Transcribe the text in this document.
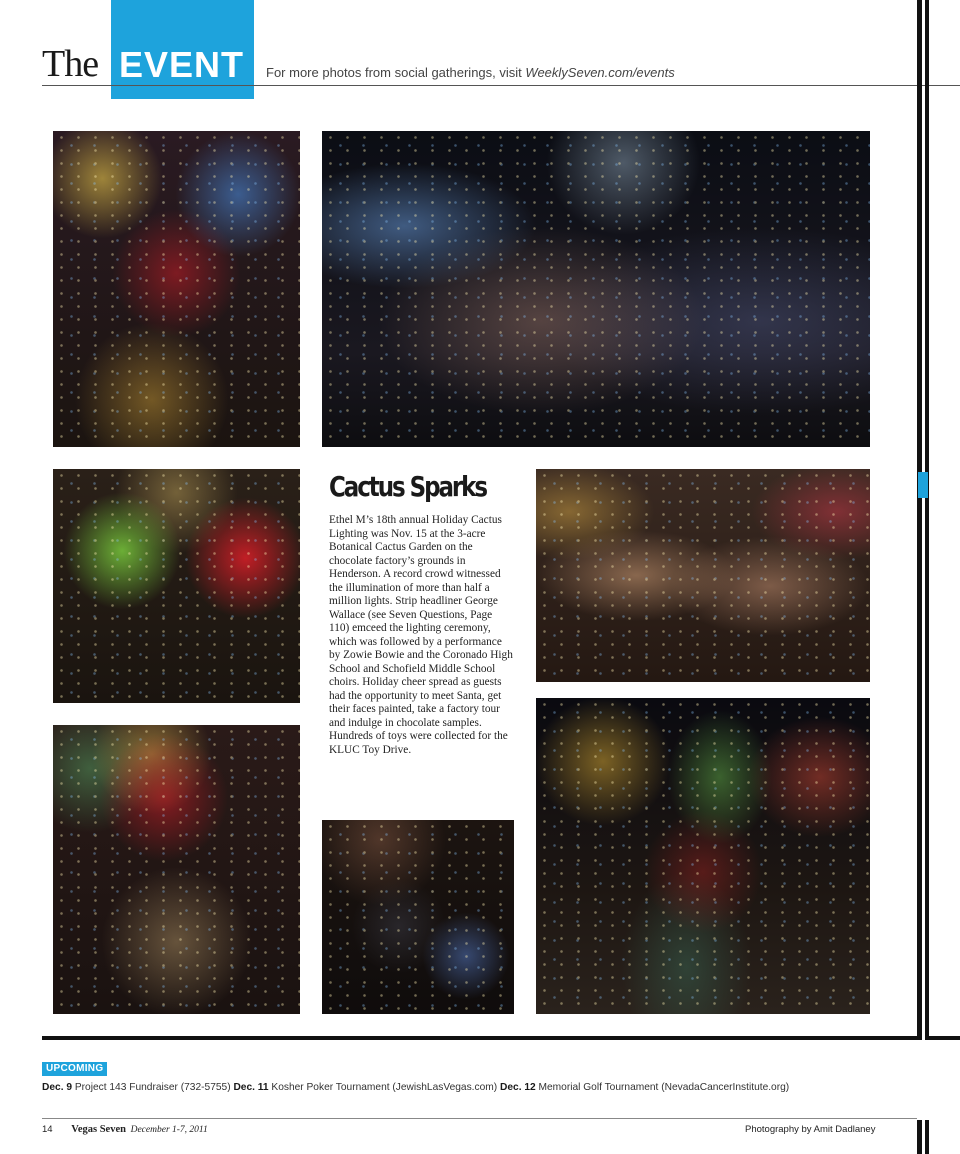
EVENT
The	For more photos from social gatherings, visit WeeklySeven.com/events
Cactus Sparks
Ethel M’s 18th annual Holiday Cactus Lighting was Nov. 15 at the 3-acre Botanical Cactus Garden on the chocolate factory’s grounds in Henderson. A record crowd witnessed the illumination of more than half a million lights. Strip headliner George Wallace (see Seven Questions, Page 110) emceed the lighting ceremony, which was followed by a performance by Zowie Bowie and the Coronado High School and Schofield Middle School choirs. Holiday cheer spread as guests had the opportunity to meet Santa, get their faces painted, take a factory tour and indulge in chocolate samples. Hundreds of toys were collected for the KLUC Toy Drive.
UPCOMING
Dec. 9 Project 143 Fundraiser (732-5755) Dec. 11 Kosher Poker Tournament (JewishLasVegas.com) Dec. 12 Memorial Golf Tournament (NevadaCancerInstitute.org)
14 Vegas Seven December 1-7, 2011	Photography by Amit Dadlaney
